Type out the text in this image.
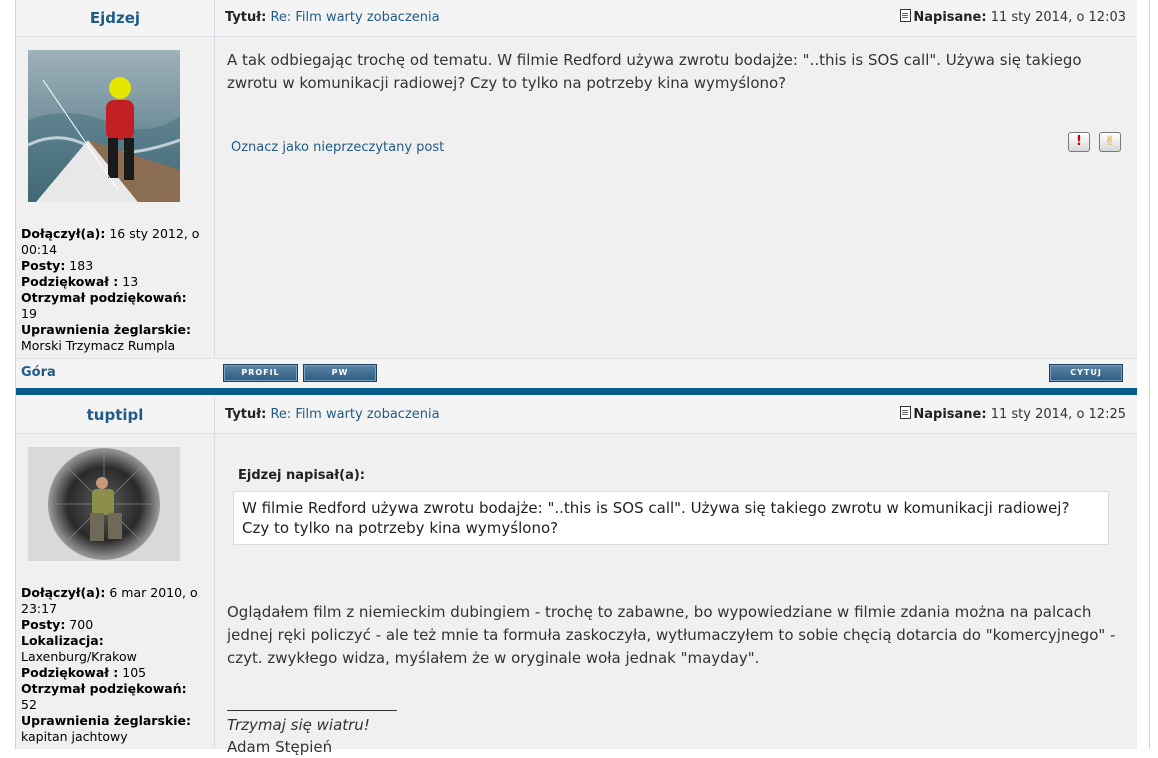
Ejdzej
Dołączył(a): 16 sty 2012, o 00:14
Posty: 183
Podziękował : 13
Otrzymał podziękowań:
19
Uprawnienia żeglarskie:
Morski Trzymacz Rumpla
Tytuł: Re: Film warty zobaczenia	Napisane: 11 sty 2014, o 12:03
A tak odbiegając trochę od tematu. W filmie Redford używa zwrotu bodajże: "..this is SOS call". Używa się takiego zwrotu w komunikacji radiowej? Czy to tylko na potrzeby kina wymyślono?
Oznacz jako nieprzeczytany post	!	✌
Góra	PROFIL	PW	CYTUJ
tuptipl
Dołączył(a): 6 mar 2010, o 23:17
Posty: 700
Lokalizacja:
Laxenburg/Krakow
Podziękował : 105
Otrzymał podziękowań:
52
Uprawnienia żeglarskie:
kapitan jachtowy
Tytuł: Re: Film warty zobaczenia	Napisane: 11 sty 2014, o 12:25
Ejdzej napisał(a):
W filmie Redford używa zwrotu bodajże: "..this is SOS call". Używa się takiego zwrotu w komunikacji radiowej? Czy to tylko na potrzeby kina wymyślono?
Oglądałem film z niemieckim dubingiem - trochę to zabawne, bo wypowiedziane w filmie zdania można na palcach jednej ręki policzyć - ale też mnie ta formuła zaskoczyła, wytłumaczyłem to sobie chęcią dotarcia do "komercyjnego" -czyt. zwykłego widza, myślałem że w oryginale woła jednak "mayday".
Trzymaj się wiatru!
Adam Stępień
